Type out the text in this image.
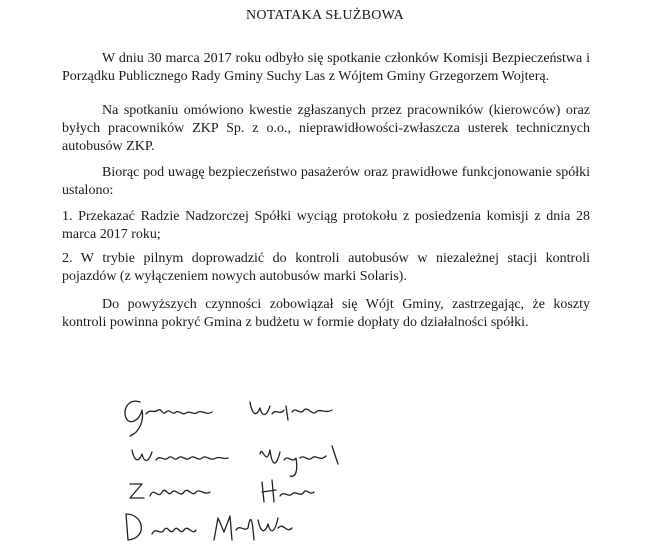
NOTATAKA SŁUŻBOWA

W dniu 30 marca 2017 roku odbyło się spotkanie członków Komisji Bezpieczeństwa i Porządku Publicznego Rady Gminy Suchy Las z Wójtem Gminy Grzegorzem Wojterą.

Na spotkaniu omówiono kwestie zgłaszanych przez pracowników (kierowców) oraz byłych pracowników ZKP Sp. z o.o., nieprawidłowości-zwłaszcza usterek technicznych autobusów ZKP.

Biorąc pod uwagę bezpieczeństwo pasażerów oraz prawidłowe funkcjonowanie spółki ustalono:

1. Przekazać Radzie Nadzorczej Spółki wyciąg protokołu z posiedzenia komisji z dnia 28 marca 2017 roku;

2. W trybie pilnym doprowadzić do kontroli autobusów w niezależnej stacji kontroli pojazdów (z wyłączeniem nowych autobusów marki Solaris).

Do powyższych czynności zobowiązał się Wójt Gminy, zastrzegając, że koszty kontroli powinna pokryć Gmina z budżetu w formie dopłaty do działalności spółki.
